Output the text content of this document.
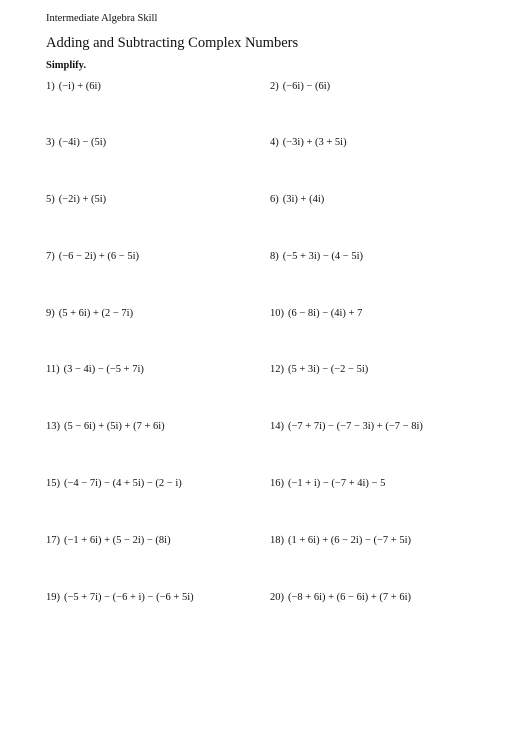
Intermediate Algebra Skill
Adding and Subtracting Complex Numbers
Simplify.
1) (−i) + (6i)	2) (−6i) − (6i)
3) (−4i) − (5i)	4) (−3i) + (3 + 5i)
5) (−2i) + (5i)	6) (3i) + (4i)
7) (−6 − 2i) + (6 − 5i)	8) (−5 + 3i) − (4 − 5i)
9) (5 + 6i) + (2 − 7i)	10) (6 − 8i) − (4i) + 7
11) (3 − 4i) − (−5 + 7i)	12) (5 + 3i) − (−2 − 5i)
13) (5 − 6i) + (5i) + (7 + 6i)	14) (−7 + 7i) − (−7 − 3i) + (−7 − 8i)
15) (−4 − 7i) − (4 + 5i) − (2 − i)	16) (−1 + i) − (−7 + 4i) − 5
17) (−1 + 6i) + (5 − 2i) − (8i)	18) (1 + 6i) + (6 − 2i) − (−7 + 5i)
19) (−5 + 7i) − (−6 + i) − (−6 + 5i)	20) (−8 + 6i) + (6 − 6i) + (7 + 6i)
